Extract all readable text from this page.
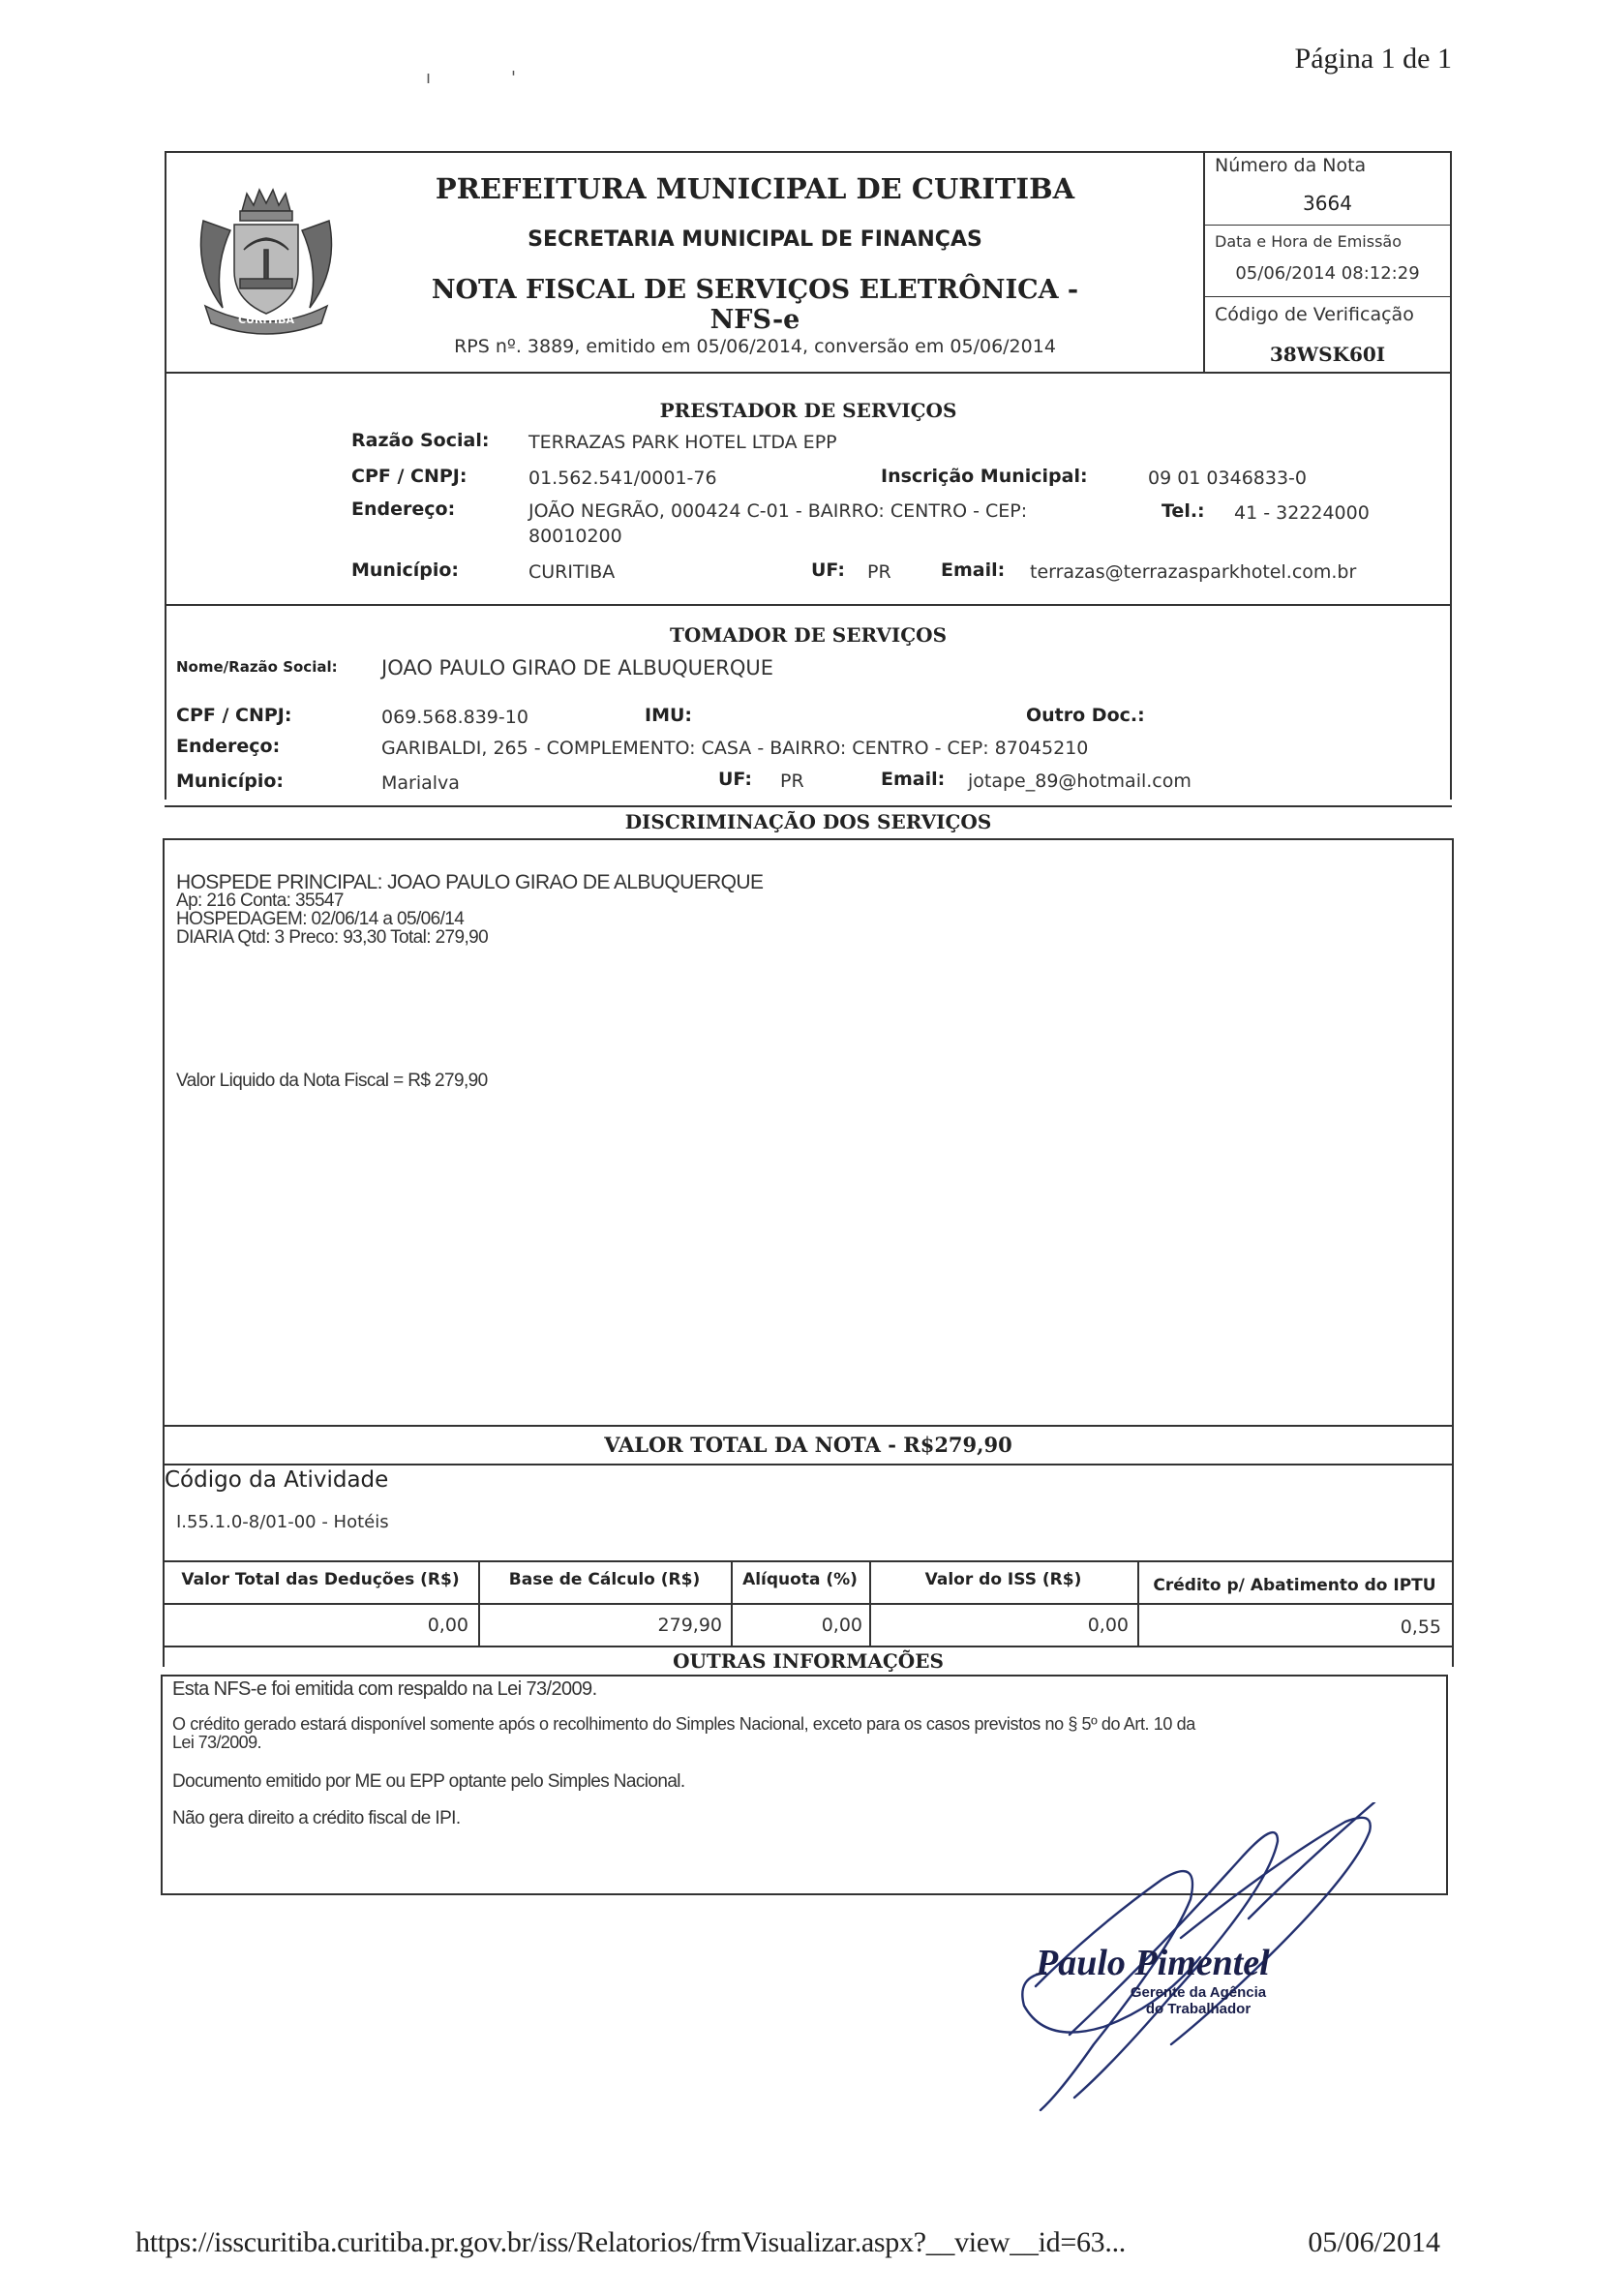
Página 1 de 1
ı	'
CURITIBA
PREFEITURA MUNICIPAL DE CURITIBA
SECRETARIA MUNICIPAL DE FINANÇAS
NOTA FISCAL DE SERVIÇOS ELETRÔNICA - NFS-e
RPS nº. 3889, emitido em 05/06/2014, conversão em 05/06/2014
Número da Nota
3664
Data e Hora de Emissão
05/06/2014 08:12:29
Código de Verificação
38WSK60I
PRESTADOR DE SERVIÇOS
Razão Social: TERRAZAS PARK HOTEL LTDA EPP
CPF / CNPJ:	01.562.541/0001-76	Inscrição Municipal:	09 01 0346833-0
Endereço:	JOÃO NEGRÃO, 000424 C-01 - BAIRRO: CENTRO - CEP:
80010200
Tel.: 41 - 32224000
Município:	CURITIBA	UF: PR	Email: terrazas@terrazasparkhotel.com.br
TOMADOR DE SERVIÇOS
Nome/Razão Social: JOAO PAULO GIRAO DE ALBUQUERQUE
CPF / CNPJ:	069.568.839-10	IMU:	Outro Doc.:
Endereço:	GARIBALDI, 265 - COMPLEMENTO: CASA - BAIRRO: CENTRO - CEP: 87045210
Município:	Marialva	UF: PR	Email: jotape_89@hotmail.com
DISCRIMINAÇÃO DOS SERVIÇOS
HOSPEDE PRINCIPAL: JOAO PAULO GIRAO DE ALBUQUERQUE
Ap: 216 Conta: 35547
HOSPEDAGEM: 02/06/14 a 05/06/14
DIARIA Qtd: 3 Preco: 93,30 Total: 279,90
Valor Liquido da Nota Fiscal = R$ 279,90
VALOR TOTAL DA NOTA - R$279,90
Código da Atividade
I.55.1.0-8/01-00 - Hotéis
Valor Total das Deduções (R$)	Base de Cálculo (R$)	Alíquota (%)	Valor do ISS (R$)	Crédito p/ Abatimento do IPTU
0,00	279,90	0,00	0,00	0,55
OUTRAS INFORMAÇÕES
Esta NFS-e foi emitida com respaldo na Lei 73/2009.
O crédito gerado estará disponível somente após o recolhimento do Simples Nacional, exceto para os casos previstos no § 5º do Art. 10 da
Lei 73/2009.
Documento emitido por ME ou EPP optante pelo Simples Nacional.
Não gera direito a crédito fiscal de IPI.
Paulo Pimentel
Gerente da Agência
do Trabalhador
https://isscuritiba.curitiba.pr.gov.br/iss/Relatorios/frmVisualizar.aspx?__view__id=63...	05/06/2014
